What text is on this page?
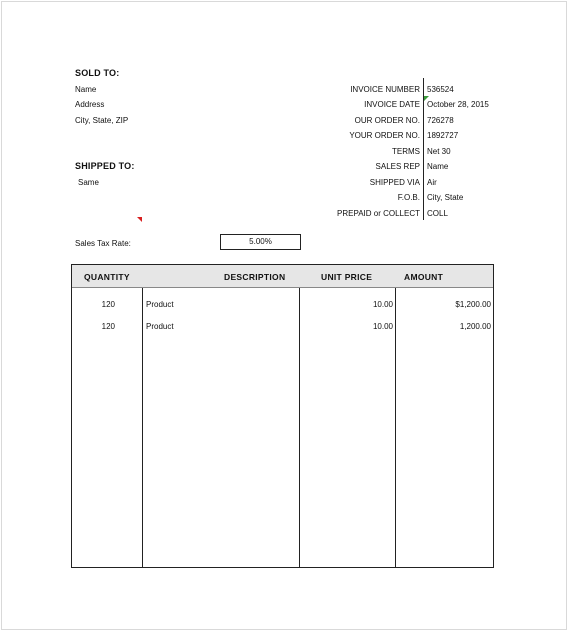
SOLD TO:
Name
Address
City, State, ZIP
SHIPPED TO:
Same
INVOICE NUMBER 536524
INVOICE DATE October 28, 2015
OUR ORDER NO. 726278
YOUR ORDER NO. 1892727
TERMS Net 30
SALES REP Name
SHIPPED VIA Air
F.O.B. City, State
PREPAID or COLLECT COLL
Sales Tax Rate:	5.00%
QUANTITY	DESCRIPTION	UNIT PRICE	AMOUNT
120	Product	10.00	$1,200.00
120	Product	10.00	1,200.00
